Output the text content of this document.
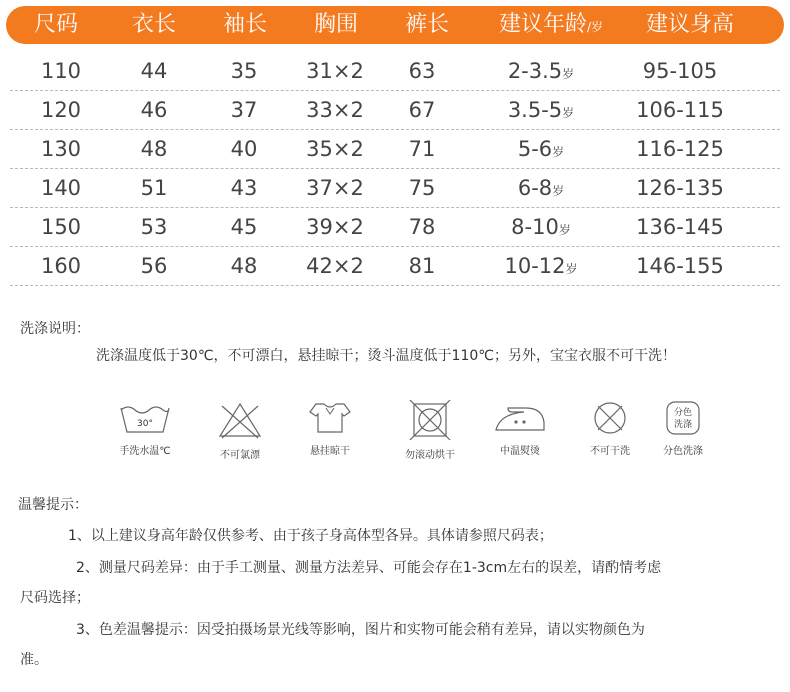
尺码 衣长 袖长 胸围 裤长 建议年龄/岁 建议身高
110	44	35 31×2 63	2-3.5岁	95-105
120	46	37 33×2 67	3.5-5岁	106-115
130	48	40 35×2 71	5-6岁	116-125
140	51	43 37×2 75	6-8岁	126-135
150	53	45 39×2 78	8-10岁	136-145
160	56	48 42×2 81	10-12岁	146-155
洗涤说明：
洗涤温度低于30℃，不可漂白，悬挂晾干；烫斗温度低于110℃；另外，宝宝衣服不可干洗！
30°
手洗水温℃	不可氯漂	悬挂晾干	勿滚动烘干	中温熨烫	不可干洗
分色
洗涤
分色洗涤
温馨提示：
1、以上建议身高年龄仅供参考、由于孩子身高体型各异。具体请参照尺码表；
2、测量尺码差异：由于手工测量、测量方法差异、可能会存在1-3cm左右的误差，请酌情考虑
尺码选择；
3、色差温馨提示：因受拍摄场景光线等影响，图片和实物可能会稍有差异，请以实物颜色为
准。
